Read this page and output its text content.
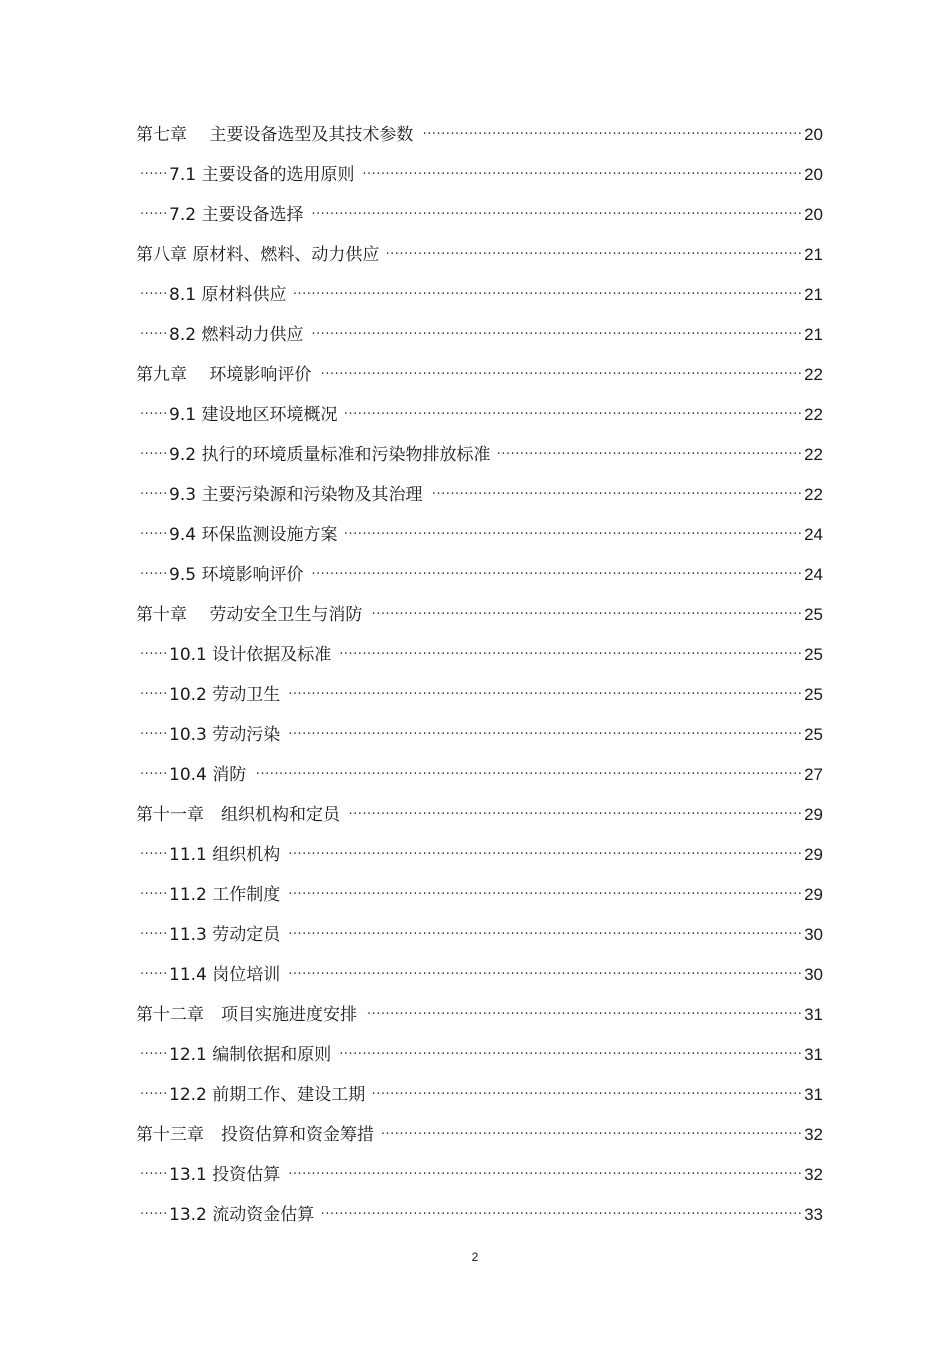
第七章　 主要设备选型及其技术参数 ·····	20
7.1 主要设备的选用原则 ·····	20
7.2 主要设备选择 ·····	20
第八章 原材料、燃料、动力供应 ·····	21
8.1 原材料供应 ·····	21
8.2 燃料动力供应 ·····	21
第九章　 环境影响评价 ·····	22
9.1 建设地区环境概况 ·····	22
9.2 执行的环境质量标准和污染物排放标准 ·····	22
9.3 主要污染源和污染物及其治理 ·····	22
9.4 环保监测设施方案 ·····	24
9.5 环境影响评价 ·····	24
第十章　 劳动安全卫生与消防 ·····	25
10.1 设计依据及标准 ·····	25
10.2 劳动卫生 ·····	25
10.3 劳动污染 ·····	25
10.4 消防 ·····	27
第十一章　组织机构和定员 ·····	29
11.1 组织机构 ·····	29
11.2 工作制度 ·····	29
11.3 劳动定员 ·····	30
11.4 岗位培训 ·····	30
第十二章　项目实施进度安排 ·····	31
12.1 编制依据和原则 ·····	31
12.2 前期工作、建设工期 ·····	31
第十三章　投资估算和资金筹措 ·····	32
13.1 投资估算 ·····	32
13.2 流动资金估算 ·····	33
2
